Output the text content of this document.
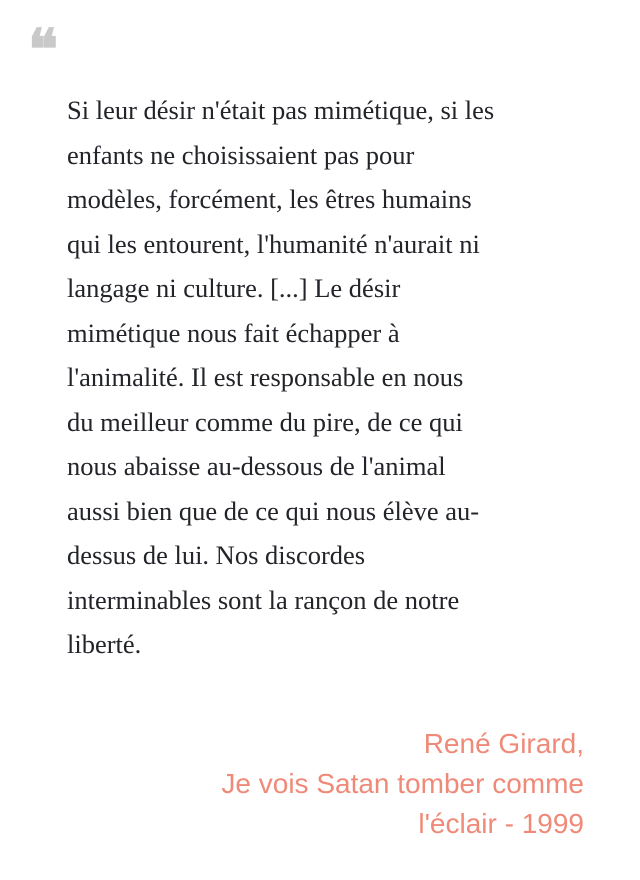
❝

Si leur désir n'était pas mimétique, si les
enfants ne choisissaient pas pour
modèles, forcément, les êtres humains
qui les entourent, l'humanité n'aurait ni
langage ni culture. [...] Le désir
mimétique nous fait échapper à
l'animalité. Il est responsable en nous
du meilleur comme du pire, de ce qui
nous abaisse au-dessous de l'animal
aussi bien que de ce qui nous élève au-
dessus de lui. Nos discordes
interminables sont la rançon de notre
liberté.

René Girard,
Je vois Satan tomber comme
l'éclair - 1999
